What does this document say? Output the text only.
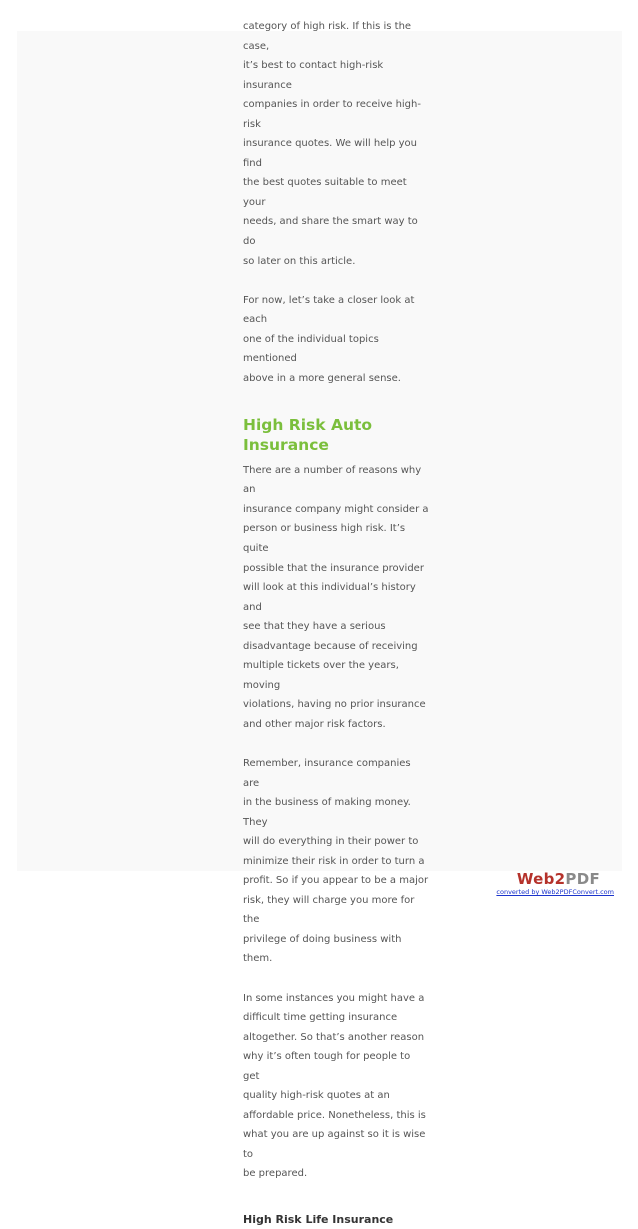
category of high risk. If this is the case,

it’s best to contact high-risk insurance

companies in order to receive high-risk

insurance quotes. We will help you find

the best quotes suitable to meet your

needs, and share the smart way to do

so later on this article.

For now, let’s take a closer look at each

one of the individual topics mentioned

above in a more general sense.

High Risk Auto
Insurance

There are a number of reasons why an

insurance company might consider a

person or business high risk. It’s quite

possible that the insurance provider

will look at this individual’s history and

see that they have a serious

disadvantage because of receiving

multiple tickets over the years, moving

violations, having no prior insurance

and other major risk factors.

Remember, insurance companies are

in the business of making money. They

will do everything in their power to

minimize their risk in order to turn a

profit. So if you appear to be a major

risk, they will charge you more for the

privilege of doing business with them.

In some instances you might have a

difficult time getting insurance

altogether. So that’s another reason

why it’s often tough for people to get

quality high-risk quotes at an

affordable price. Nonetheless, this is

what you are up against so it is wise to

be prepared.

High Risk Life Insurance
Web2PDF
converted by Web2PDFConvert.com
